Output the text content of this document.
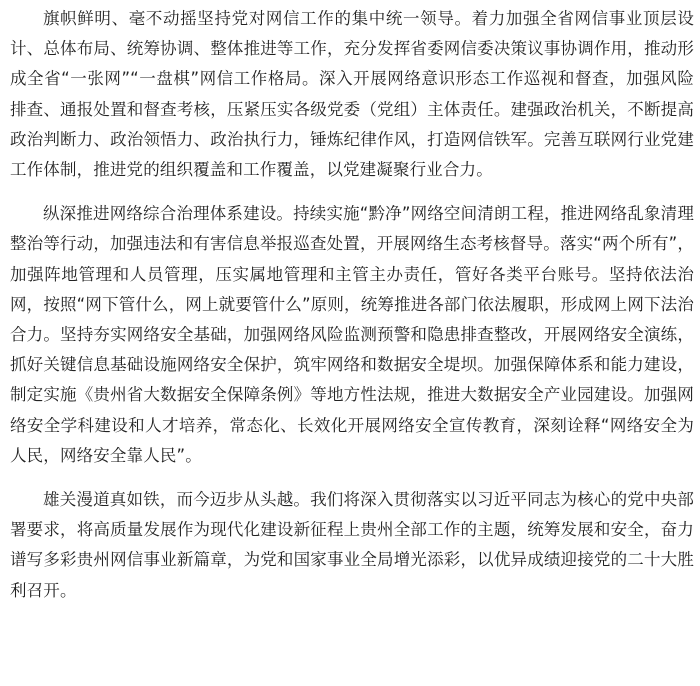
旗帜鲜明、毫不动摇坚持党对网信工作的集中统一领导。着力加强全省网信事业顶层设计、总体布局、统筹协调、整体推进等工作，充分发挥省委网信委决策议事协调作用，推动形成全省“一张网”“一盘棋”网信工作格局。深入开展网络意识形态工作巡视和督查，加强风险排查、通报处置和督查考核，压紧压实各级党委（党组）主体责任。建强政治机关，不断提高政治判断力、政治领悟力、政治执行力，锤炼纪律作风，打造网信铁军。完善互联网行业党建工作体制，推进党的组织覆盖和工作覆盖，以党建凝聚行业合力。

纵深推进网络综合治理体系建设。持续实施“黔净”网络空间清朗工程，推进网络乱象清理整治等行动，加强违法和有害信息举报巡查处置，开展网络生态考核督导。落实“两个所有”，加强阵地管理和人员管理，压实属地管理和主管主办责任，管好各类平台账号。坚持依法治网，按照“网下管什么，网上就要管什么”原则，统筹推进各部门依法履职，形成网上网下法治合力。坚持夯实网络安全基础，加强网络风险监测预警和隐患排查整改，开展网络安全演练，抓好关键信息基础设施网络安全保护，筑牢网络和数据安全堤坝。加强保障体系和能力建设，制定实施《贵州省大数据安全保障条例》等地方性法规，推进大数据安全产业园建设。加强网络安全学科建设和人才培养，常态化、长效化开展网络安全宣传教育，深刻诠释“网络安全为人民，网络安全靠人民”。

雄关漫道真如铁，而今迈步从头越。我们将深入贯彻落实以习近平同志为核心的党中央部署要求，将高质量发展作为现代化建设新征程上贵州全部工作的主题，统筹发展和安全，奋力谱写多彩贵州网信事业新篇章，为党和国家事业全局增光添彩，以优异成绩迎接党的二十大胜利召开。
